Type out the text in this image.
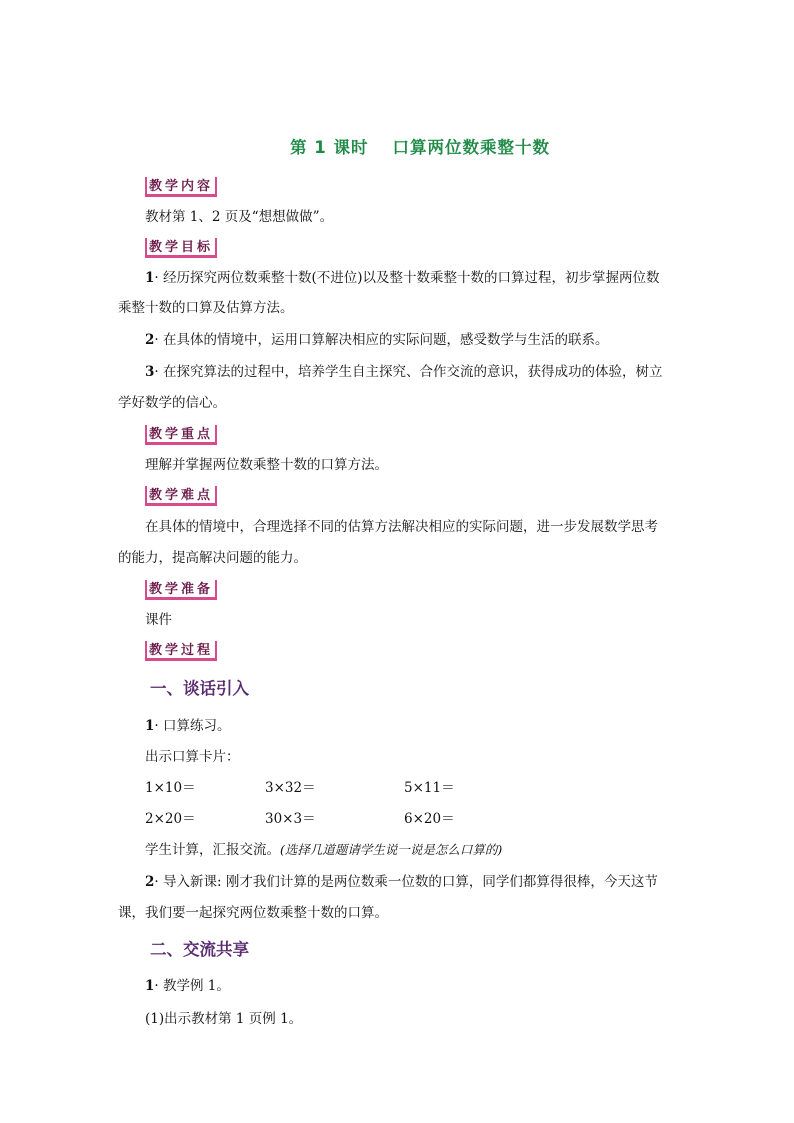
第 1 课时 口算两位数乘整十数
教学内容
教材第 1、2 页及“想想做做”。
教学目标
1· 经历探究两位数乘整十数(不进位)以及整十数乘整十数的口算过程，初步掌握两位数
乘整十数的口算及估算方法。
2· 在具体的情境中，运用口算解决相应的实际问题，感受数学与生活的联系。
3· 在探究算法的过程中，培养学生自主探究、合作交流的意识，获得成功的体验，树立
学好数学的信心。
教学重点
理解并掌握两位数乘整十数的口算方法。
教学难点
在具体的情境中，合理选择不同的估算方法解决相应的实际问题，进一步发展数学思考
的能力，提高解决问题的能力。
教学准备
课件
教学过程
一、谈话引入
1· 口算练习。
出示口算卡片：
1×10＝	3×32＝	5×11＝
2×20＝	30×3＝	6×20＝
学生计算，汇报交流。(选择几道题请学生说一说是怎么口算的)
2· 导入新课: 刚才我们计算的是两位数乘一位数的口算，同学们都算得很棒，今天这节
课，我们要一起探究两位数乘整十数的口算。
二、交流共享
1· 教学例 1。
(1)出示教材第 1 页例 1。
